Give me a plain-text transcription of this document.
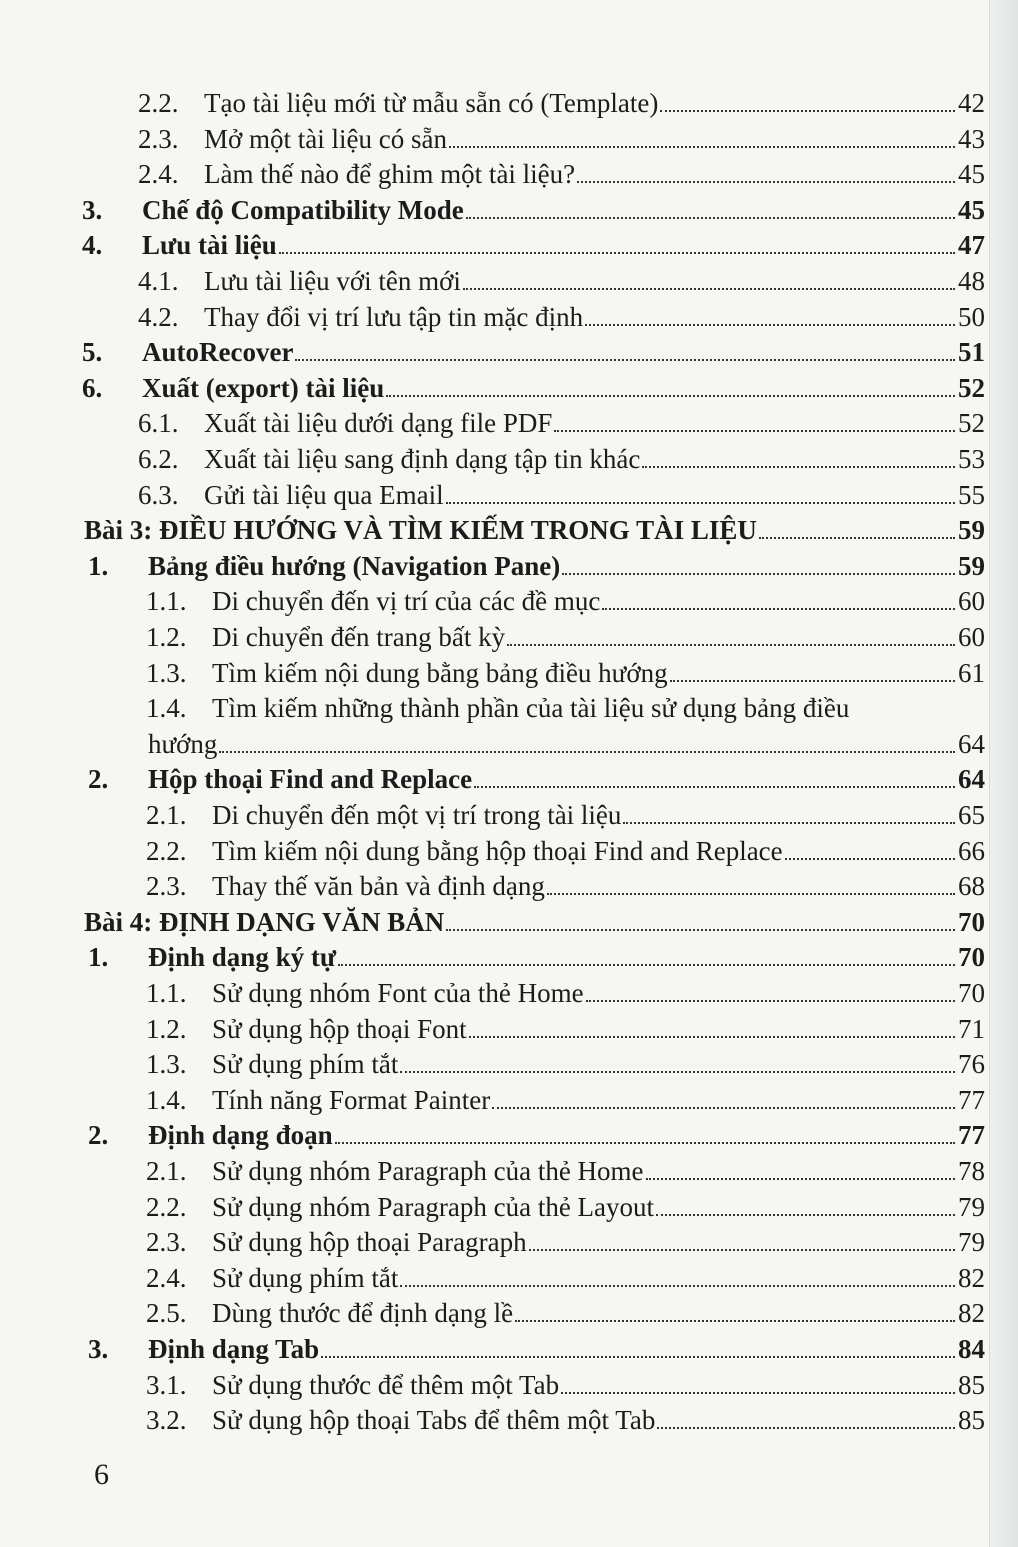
2.2. Tạo tài liệu mới từ mẫu sẵn có (Template)	42
2.3. Mở một tài liệu có sẵn	43
2.4. Làm thế nào để ghim một tài liệu?	45
3.	Chế độ Compatibility Mode	45
4.	Lưu tài liệu	47
4.1. Lưu tài liệu với tên mới	48
4.2. Thay đổi vị trí lưu tập tin mặc định	50
5.	AutoRecover	51
6.	Xuất (export) tài liệu	52
6.1. Xuất tài liệu dưới dạng file PDF	52
6.2. Xuất tài liệu sang định dạng tập tin khác	53
6.3. Gửi tài liệu qua Email	55
Bài 3: ĐIỀU HƯỚNG VÀ TÌM KIẾM TRONG TÀI LIỆU	59
1.	Bảng điều hướng (Navigation Pane)	59
1.1. Di chuyển đến vị trí của các đề mục	60
1.2. Di chuyển đến trang bất kỳ	60
1.3. Tìm kiếm nội dung bằng bảng điều hướng	61
1.4. Tìm kiếm những thành phần của tài liệu sử dụng bảng điều
hướng	64
2.	Hộp thoại Find and Replace	64
2.1. Di chuyển đến một vị trí trong tài liệu	65
2.2. Tìm kiếm nội dung bằng hộp thoại Find and Replace	66
2.3. Thay thế văn bản và định dạng	68
Bài 4: ĐỊNH DẠNG VĂN BẢN	70
1.	Định dạng ký tự	70
1.1. Sử dụng nhóm Font của thẻ Home	70
1.2. Sử dụng hộp thoại Font	71
1.3. Sử dụng phím tắt	76
1.4. Tính năng Format Painter	77
2.	Định dạng đoạn	77
2.1. Sử dụng nhóm Paragraph của thẻ Home	78
2.2. Sử dụng nhóm Paragraph của thẻ Layout	79
2.3. Sử dụng hộp thoại Paragraph	79
2.4. Sử dụng phím tắt	82
2.5. Dùng thước để định dạng lề	82
3.	Định dạng Tab	84
3.1. Sử dụng thước để thêm một Tab	85
3.2. Sử dụng hộp thoại Tabs để thêm một Tab	85
6
